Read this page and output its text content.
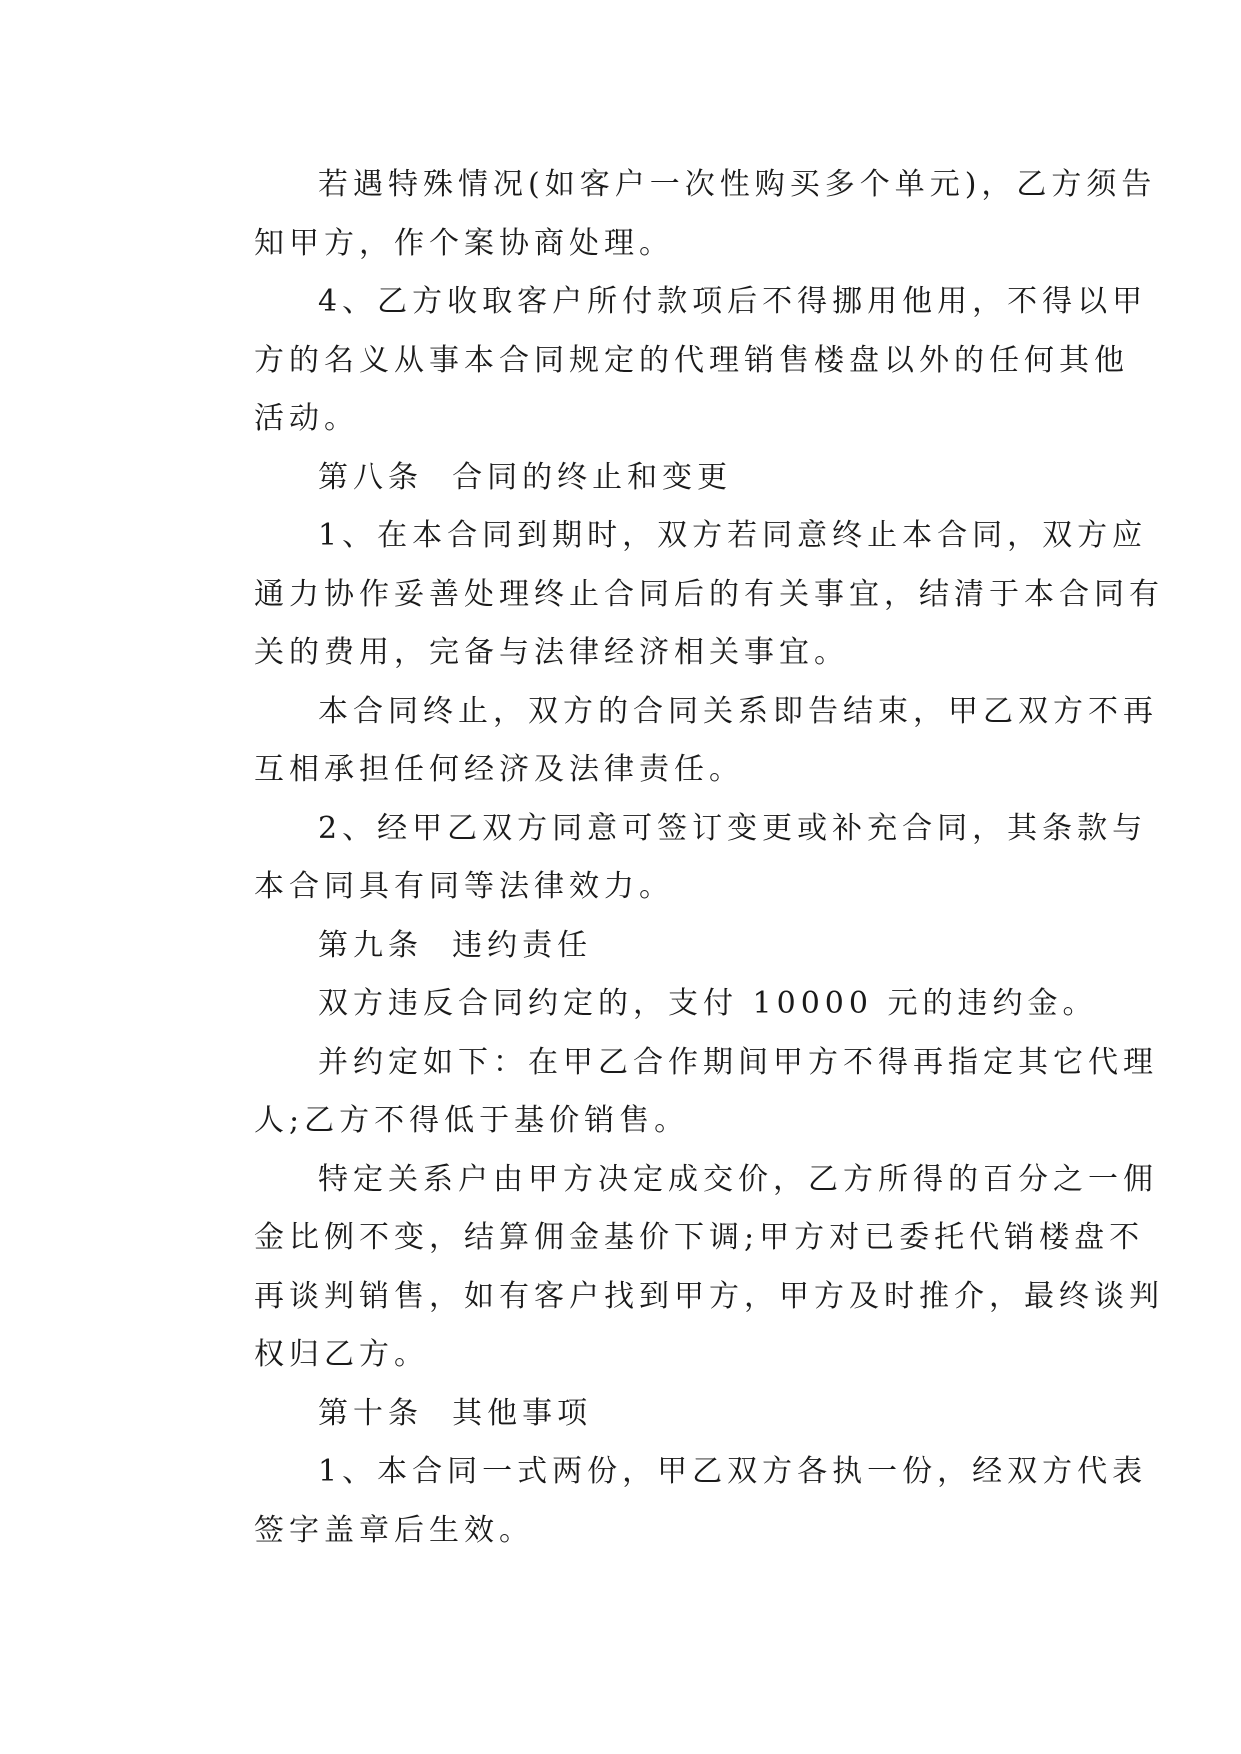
若遇特殊情况(如客户一次性购买多个单元)，乙方须告
知甲方，作个案协商处理。

4、乙方收取客户所付款项后不得挪用他用，不得以甲
方的名义从事本合同规定的代理销售楼盘以外的任何其他
活动。

第八条  合同的终止和变更

1、在本合同到期时，双方若同意终止本合同，双方应
通力协作妥善处理终止合同后的有关事宜，结清于本合同有
关的费用，完备与法律经济相关事宜。

本合同终止，双方的合同关系即告结束，甲乙双方不再
互相承担任何经济及法律责任。

2、经甲乙双方同意可签订变更或补充合同，其条款与
本合同具有同等法律效力。

第九条  违约责任

双方违反合同约定的，支付 10000 元的违约金。

并约定如下：在甲乙合作期间甲方不得再指定其它代理
人;乙方不得低于基价销售。

特定关系户由甲方决定成交价，乙方所得的百分之一佣
金比例不变，结算佣金基价下调;甲方对已委托代销楼盘不
再谈判销售，如有客户找到甲方，甲方及时推介，最终谈判
权归乙方。

第十条  其他事项

1、本合同一式两份，甲乙双方各执一份，经双方代表
签字盖章后生效。
